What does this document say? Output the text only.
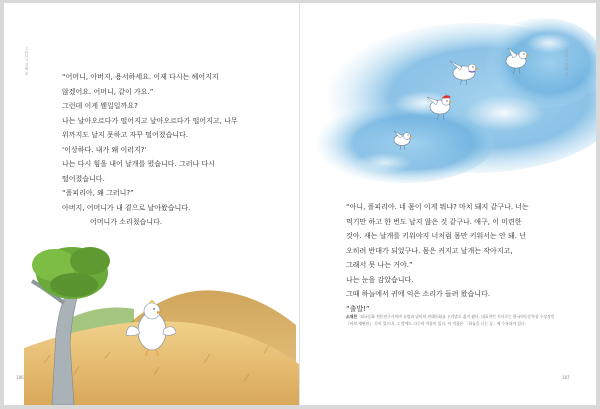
고맙다고 말해 줘	고맙다고 말해 줘

“어머니, 아버지, 용서하세요. 이제 다시는 헤어지지

않겠어요. 어머니, 같이 가요.”

그런데 이게 웬일일까요?

나는 날아오르다가 떨어지고 날아오르다가 떨어지고, 나무

위까지도 날지 못하고 자꾸 떨어졌습니다.

‘이상하다. 내가 왜 이러지?’

나는 다시 힘을 내어 날개를 폈습니다. 그러나 다시

떨어졌습니다.

“폴피리아, 왜 그러니?”

아버지, 어머니가 내 곁으로 날아왔습니다.

　　　　어머니가 소리쳤습니다.

“아니, 폴피리아. 네 몸이 이게 뭐냐? 마치 돼지 같구나. 너는

먹기만 하고 한 번도 날지 않은 것 같구나. 애구, 이 미련한

것아. 새는 날개를 키워야지 너처럼 몸만 키워서는 안 돼. 넌

오히려 반대가 되었구나. 몸은 커지고 날개는 작아지고,

그래서 못 나는 거야.”

나는 눈을 감았습니다.

그때 하늘에서 귀에 익은 소리가 들려 왔습니다.

“출발!”

소재찬 외국동화 전문연구가이며 유럽과 남미의 전래동화를 우리말로 옮겨 왔다. 대표적인 저서로는 한국아동문학상 수상작인 『바보 재판관』 등이 있으며, 그 밖에도 다수의 작품이 있다. 이 작품은 「하늘을 나는 꿈」에 수록되어 있다.
186	187
